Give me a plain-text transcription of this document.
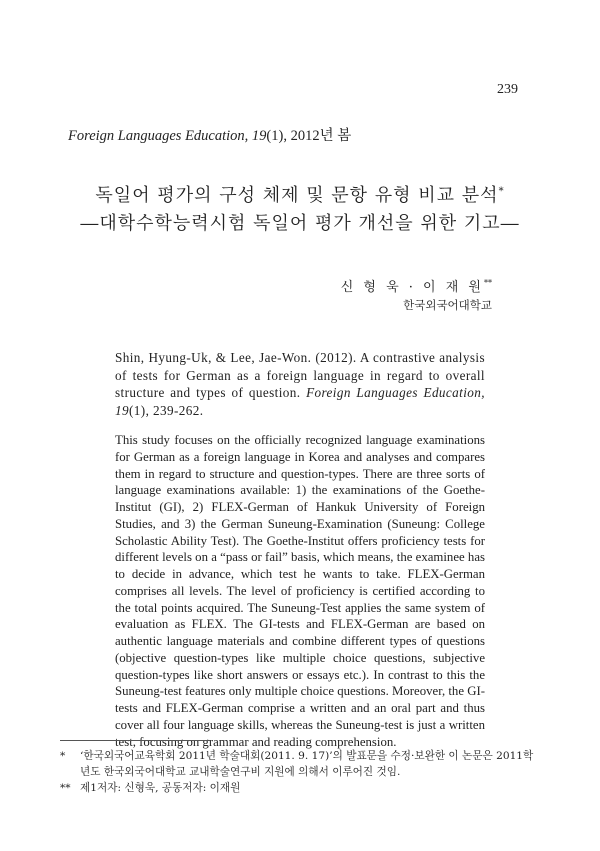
239
Foreign Languages Education, 19(1), 2012년 봄
독일어 평가의 구성 체제 및 문항 유형 비교 분석*
―대학수학능력시험 독일어 평가 개선을 위한 기고―
신 형 욱 · 이 재 원**
한국외국어대학교
Shin, Hyung-Uk, & Lee, Jae-Won. (2012). A contrastive analysis of tests for German as a foreign language in regard to overall structure and types of question. Foreign Languages Education, 19(1), 239-262.
This study focuses on the officially recognized language examinations for German as a foreign language in Korea and analyses and compares them in regard to structure and question-types. There are three sorts of language examinations available: 1) the examinations of the Goethe-Institut (GI), 2) FLEX-German of Hankuk University of Foreign Studies, and 3) the German Suneung-Examination (Suneung: College Scholastic Ability Test). The Goethe-Institut offers proficiency tests for different levels on a “pass or fail” basis, which means, the examinee has to decide in advance, which test he wants to take. FLEX-German comprises all levels. The level of proficiency is certified according to the total points acquired. The Suneung-Test applies the same system of evaluation as FLEX. The GI-tests and FLEX-German are based on authentic language materials and combine different types of questions (objective question-types like multiple choice questions, subjective question-types like short answers or essays etc.). In contrast to this the Suneung-test features only multiple choice questions. Moreover, the GI-tests and FLEX-German comprise a written and an oral part and thus cover all four language skills, whereas the Suneung-test is just a written test, focusing on grammar and reading comprehension.
*	‘한국외국어교육학회 2011년 학술대회(2011. 9. 17)’의 발표문을 수정·보완한 이 논문은 2011학년도 한국외국어대학교 교내학술연구비 지원에 의해서 이루어진 것임.
** 제1저자: 신형욱, 공동저자: 이재원
